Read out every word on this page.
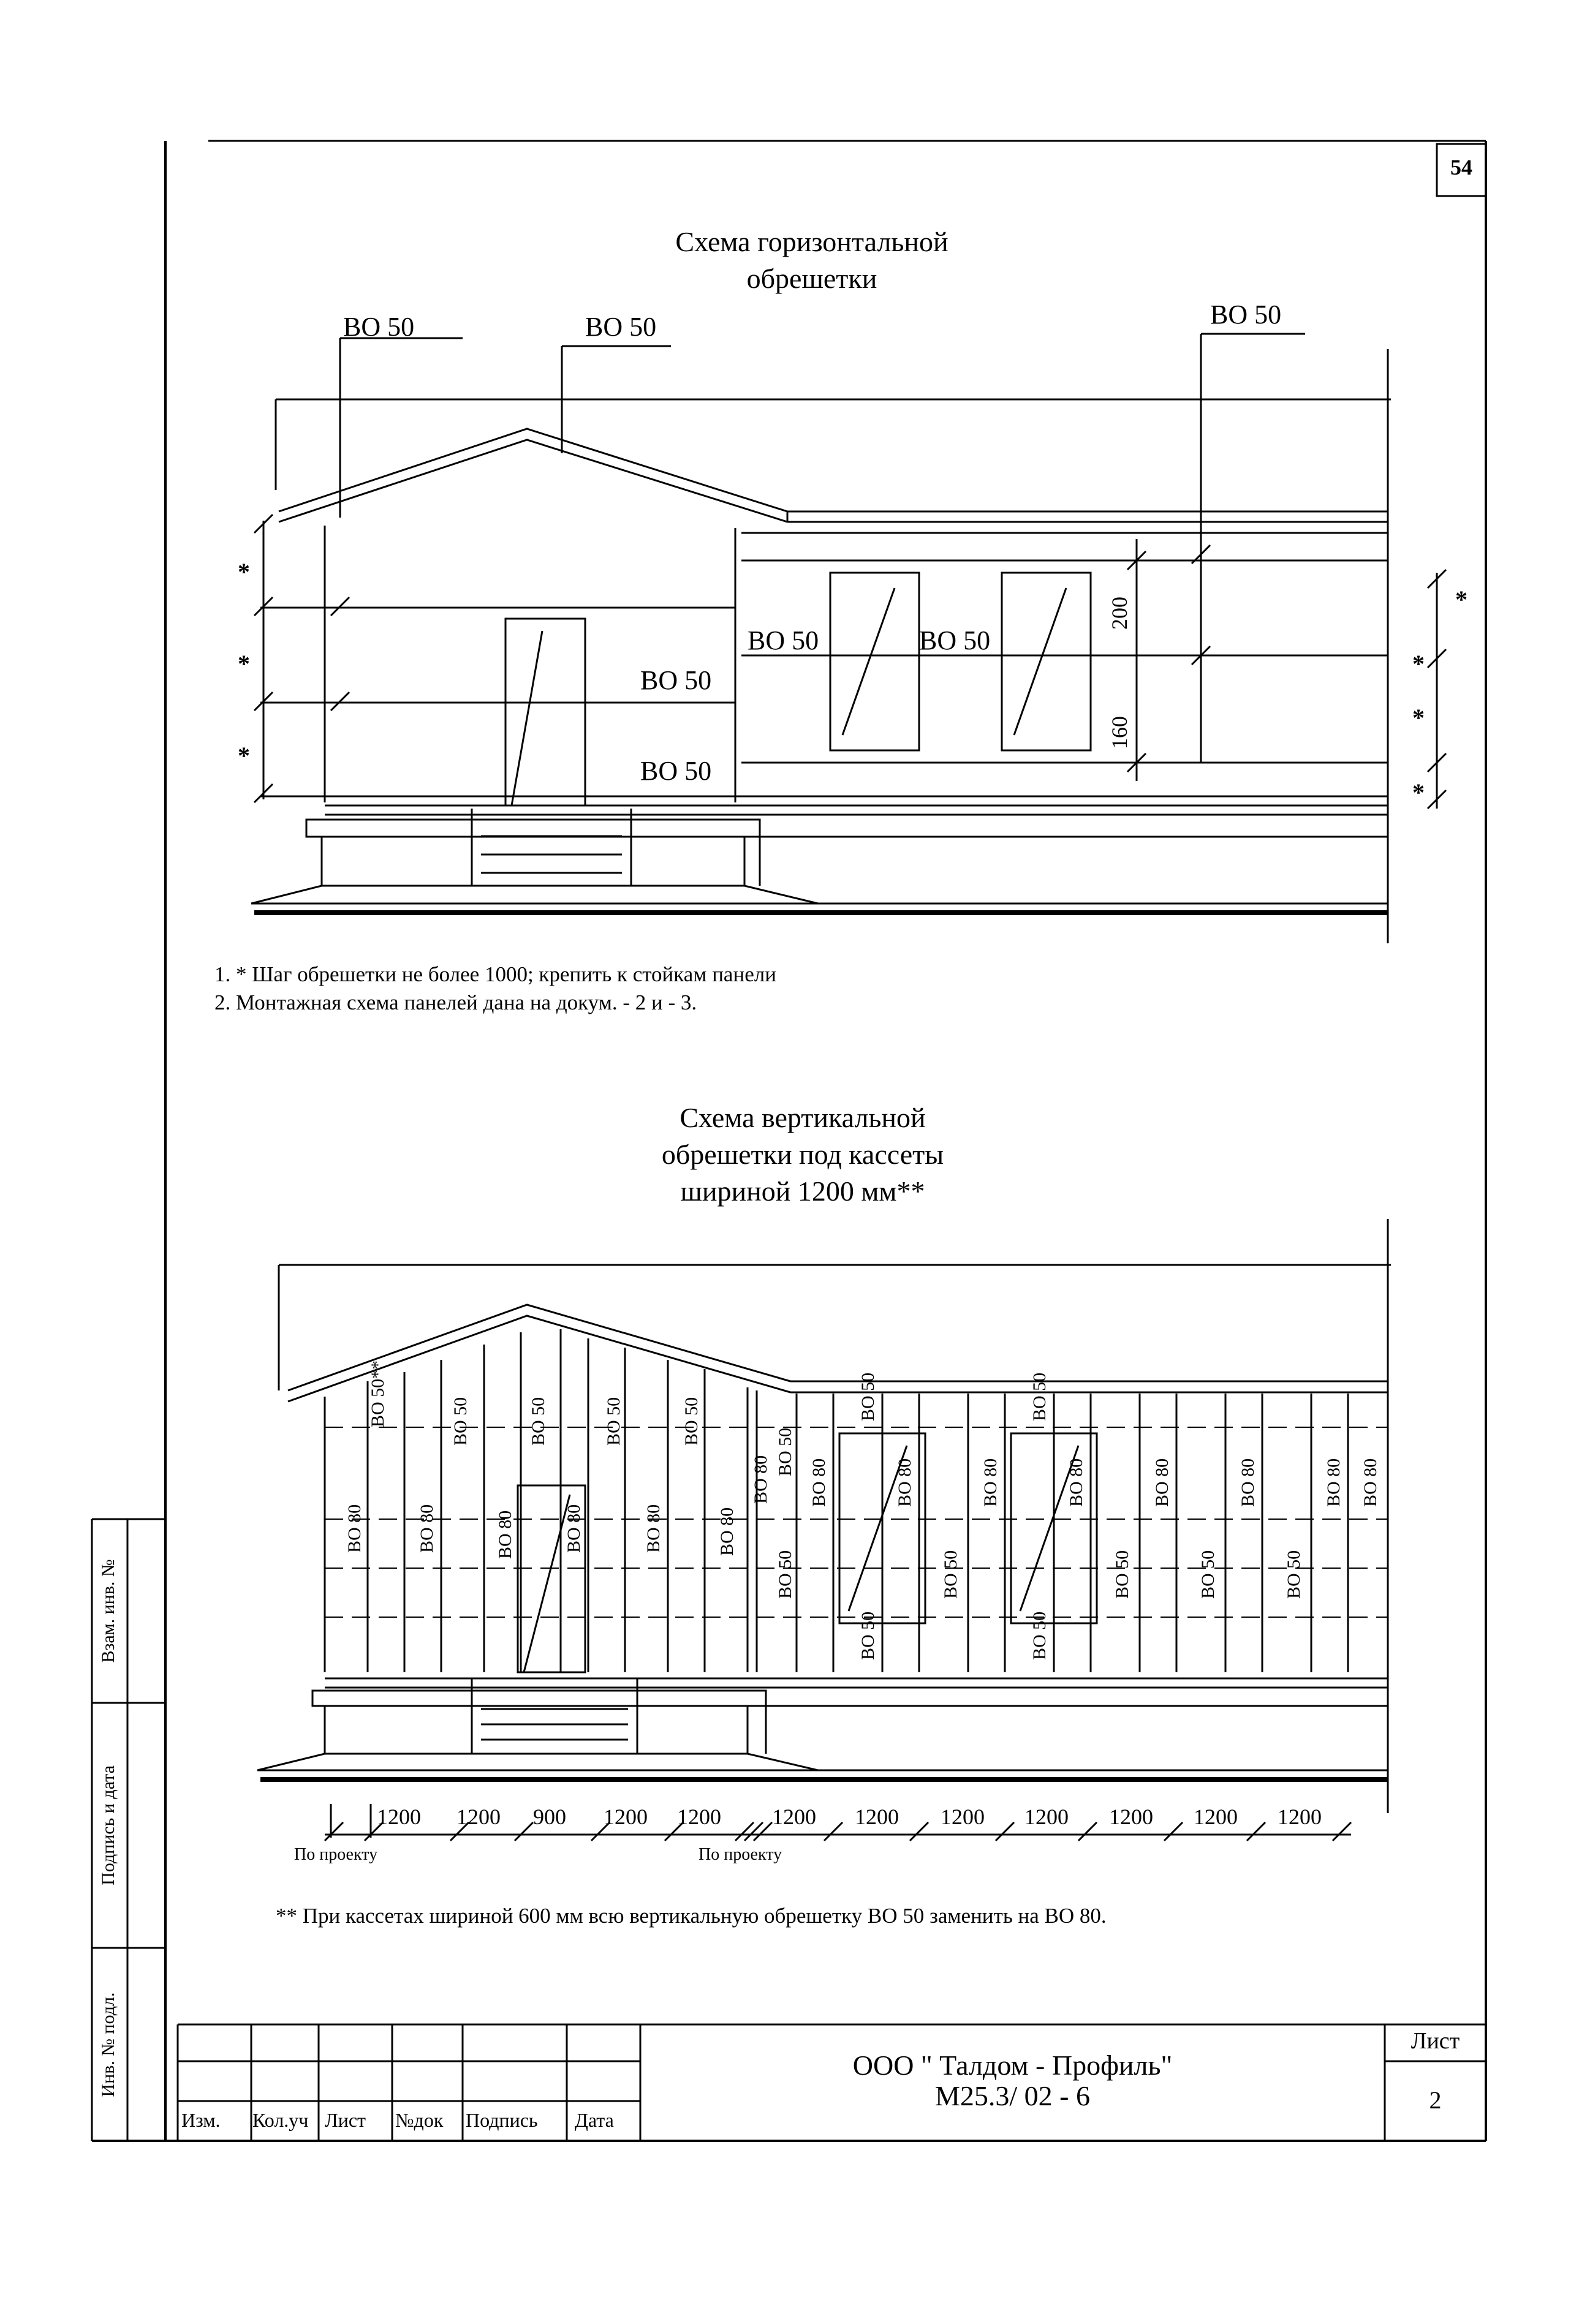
54
Взам. инв. №
Подпись и дата
Инв. № подл.
Схема горизонтальной
обрешетки
ВО 50	ВО 50	ВО 50
ВО 50	ВО 50
ВО 50
ВО 50
200
160
*
*
*
*
*
*
*
1. * Шаг обрешетки не более 1000; крепить к стойкам панели
2. Монтажная схема панелей дана на докум. - 2 и - 3.
Схема вертикальной
обрешетки под кассеты
шириной 1200 мм**
ВО 50**	ВО 50	ВО 50	ВО 50	ВО 50
ВО 50	ВО 50
ВО 80	ВО 80	ВО 80	ВО 80	ВО 80	ВО 80
ВО 80 ВО 80	ВО 80	ВО 80	ВО 80	ВО 80	ВО 80	ВО 80 ВО 80
ВО 50
ВО 50
ВО 50
ВО 50
ВО 50	ВО 50	ВО 50
ВО 50
1200 1200 900 1200 1200 1200 1200 1200 1200 1200 1200 1200
По проекту	По проекту
** При кассетах шириной 600 мм всю вертикальную обрешетку ВО 50 заменить на ВО 80.
Изм. Кол.уч Лист №док Подпись Дата
ООО " Талдом - Профиль"
М25.3/ 02 - 6
Лист
2
